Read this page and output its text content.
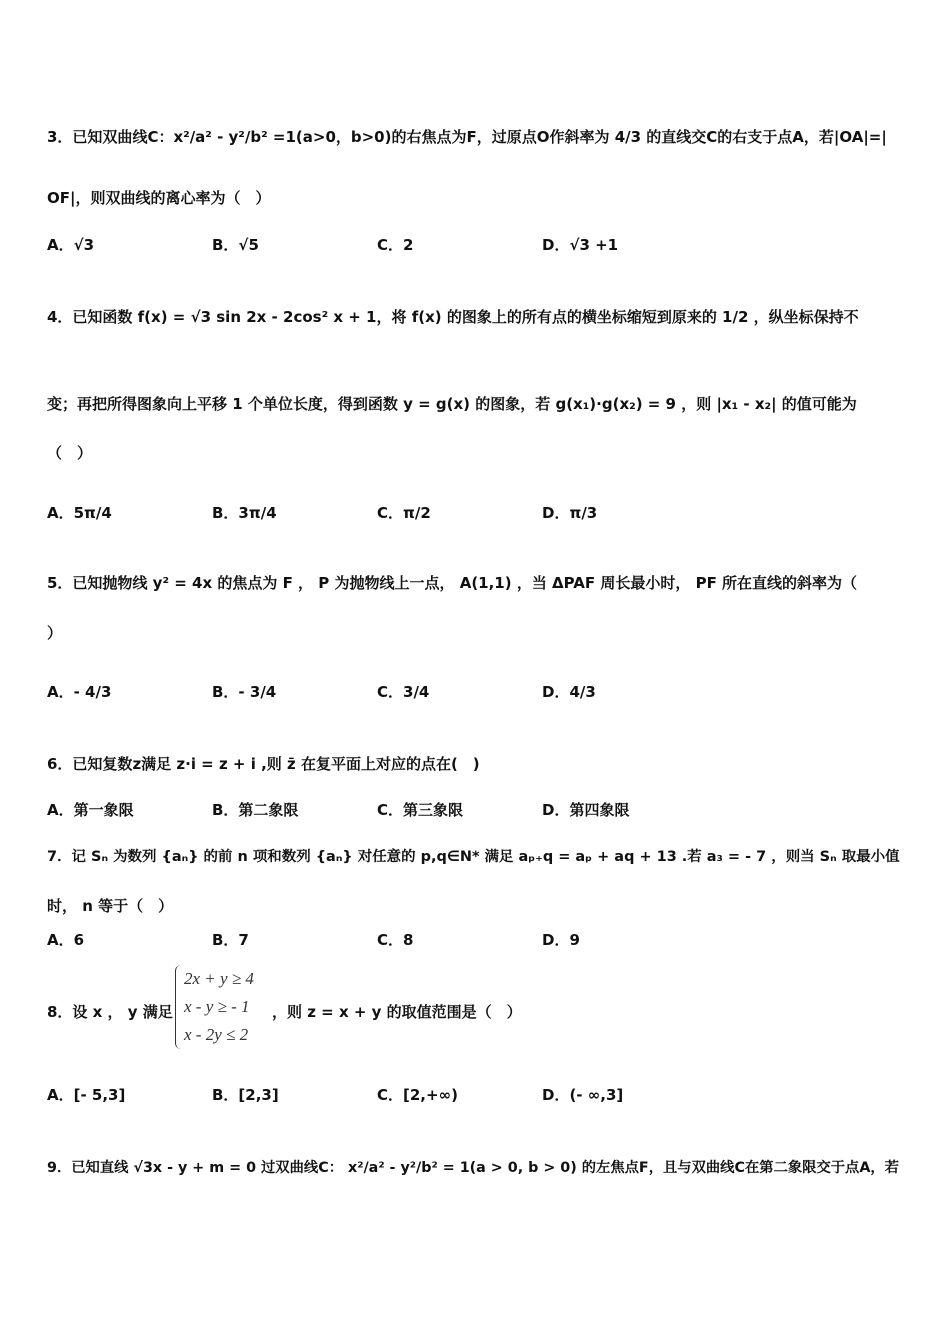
3．已知双曲线C：x²/a² - y²/b² =1(a>0，b>0)的右焦点为F，过原点O作斜率为 4/3 的直线交C的右支于点A，若|OA|=|
OF|，则双曲线的离心率为（　）
A．√3	B．√5	C．2	D．√3 +1
4．已知函数 f(x) = √3 sin 2x - 2cos² x + 1，将 f(x) 的图象上的所有点的横坐标缩短到原来的 1/2 ，纵坐标保持不
变；再把所得图象向上平移 1 个单位长度，得到函数 y = g(x) 的图象，若 g(x₁)·g(x₂) = 9 ，则 |x₁ - x₂| 的值可能为
（　）
A．5π/4	B．3π/4	C．π/2	D．π/3
5．已知抛物线 y² = 4x 的焦点为 F ， P 为抛物线上一点， A(1,1) ，当 ΔPAF 周长最小时， PF 所在直线的斜率为（
）
A．- 4/3	B．- 3/4	C．3/4	D．4/3
6．已知复数z满足 z·i = z + i ,则 z̄ 在复平面上对应的点在(　)
A．第一象限	B．第二象限	C．第三象限	D．第四象限
7．记 Sₙ 为数列 {aₙ} 的前 n 项和数列 {aₙ} 对任意的 p,q∈N* 满足 aₚ₊q = aₚ + aq + 13 .若 a₃ = - 7 ，则当 Sₙ 取最小值
时， n 等于（　）
A．6	B．7	C．8	D．9
8．设 x ， y 满足
2x + y ≥ 4
x - y ≥ - 1
x - 2y ≤ 2
，则 z = x + y 的取值范围是（　）
A．[- 5,3]	B．[2,3]	C．[2,+∞)	D．(- ∞,3]
9．已知直线 √3x - y + m = 0 过双曲线C： x²/a² - y²/b² = 1(a > 0, b > 0) 的左焦点F，且与双曲线C在第二象限交于点A，若
